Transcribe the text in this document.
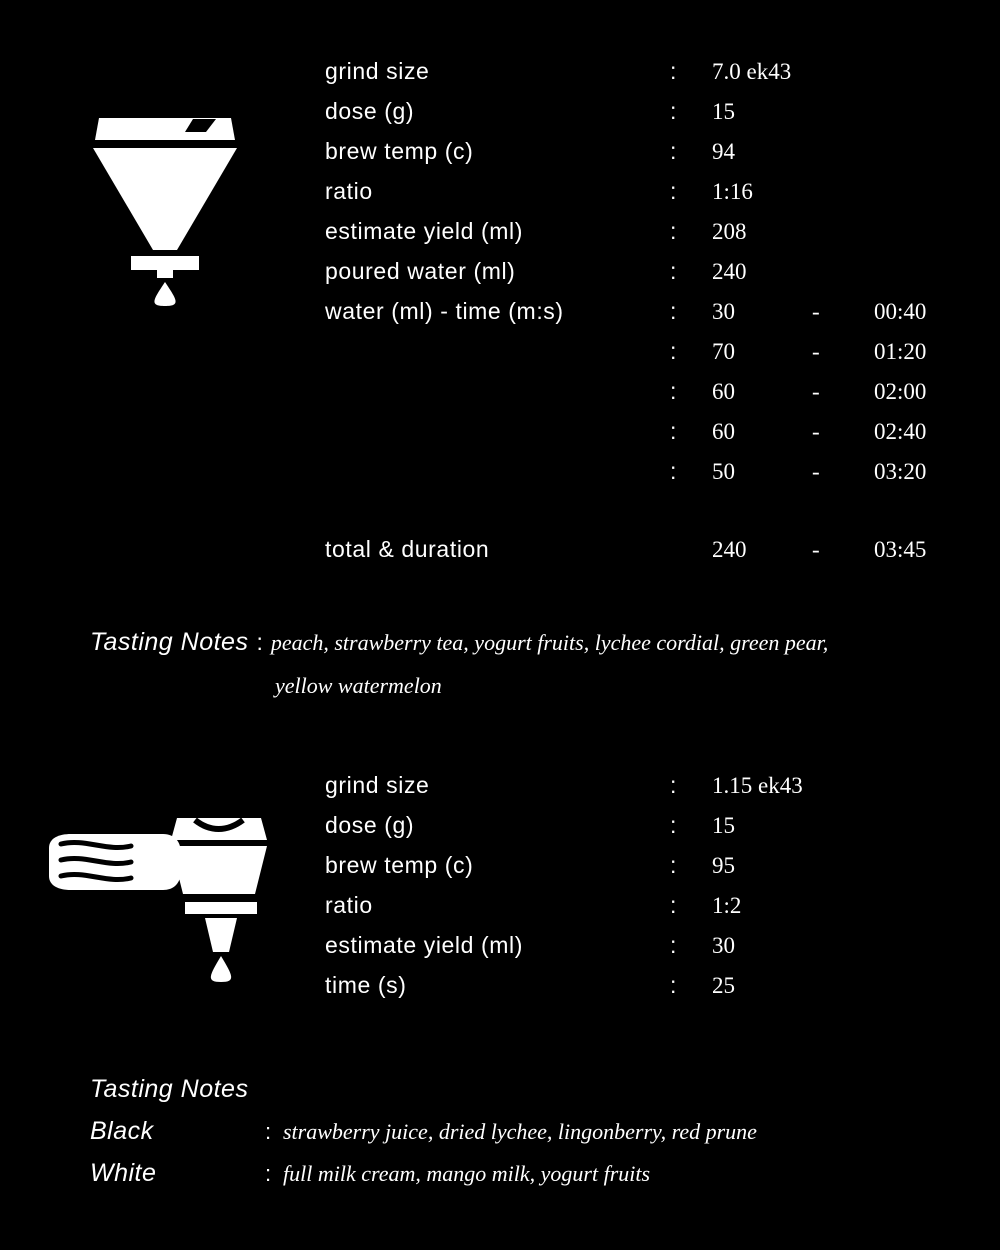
grind size	:	7.0 ek43
dose (g)	:	15
brew temp (c)	:	94
ratio	:	1:16
estimate yield (ml)	:	208
poured water (ml)	:	240
water (ml) - time (m:s)	:	30	-	00:40
:	70	-	01:20
:	60	-	02:00
:	60	-	02:40
:	50	-	03:20
total & duration	240	-	03:45
Tasting Notes : peach, strawberry tea, yogurt fruits, lychee cordial, green pear,
yellow watermelon
grind size	:	1.15 ek43
dose (g)	:	15
brew temp (c)	:	95
ratio	:	1:2
estimate yield (ml)	:	30
time (s)	:	25
Tasting Notes
Black	: strawberry juice, dried lychee, lingonberry, red prune
White	: full milk cream, mango milk, yogurt fruits
